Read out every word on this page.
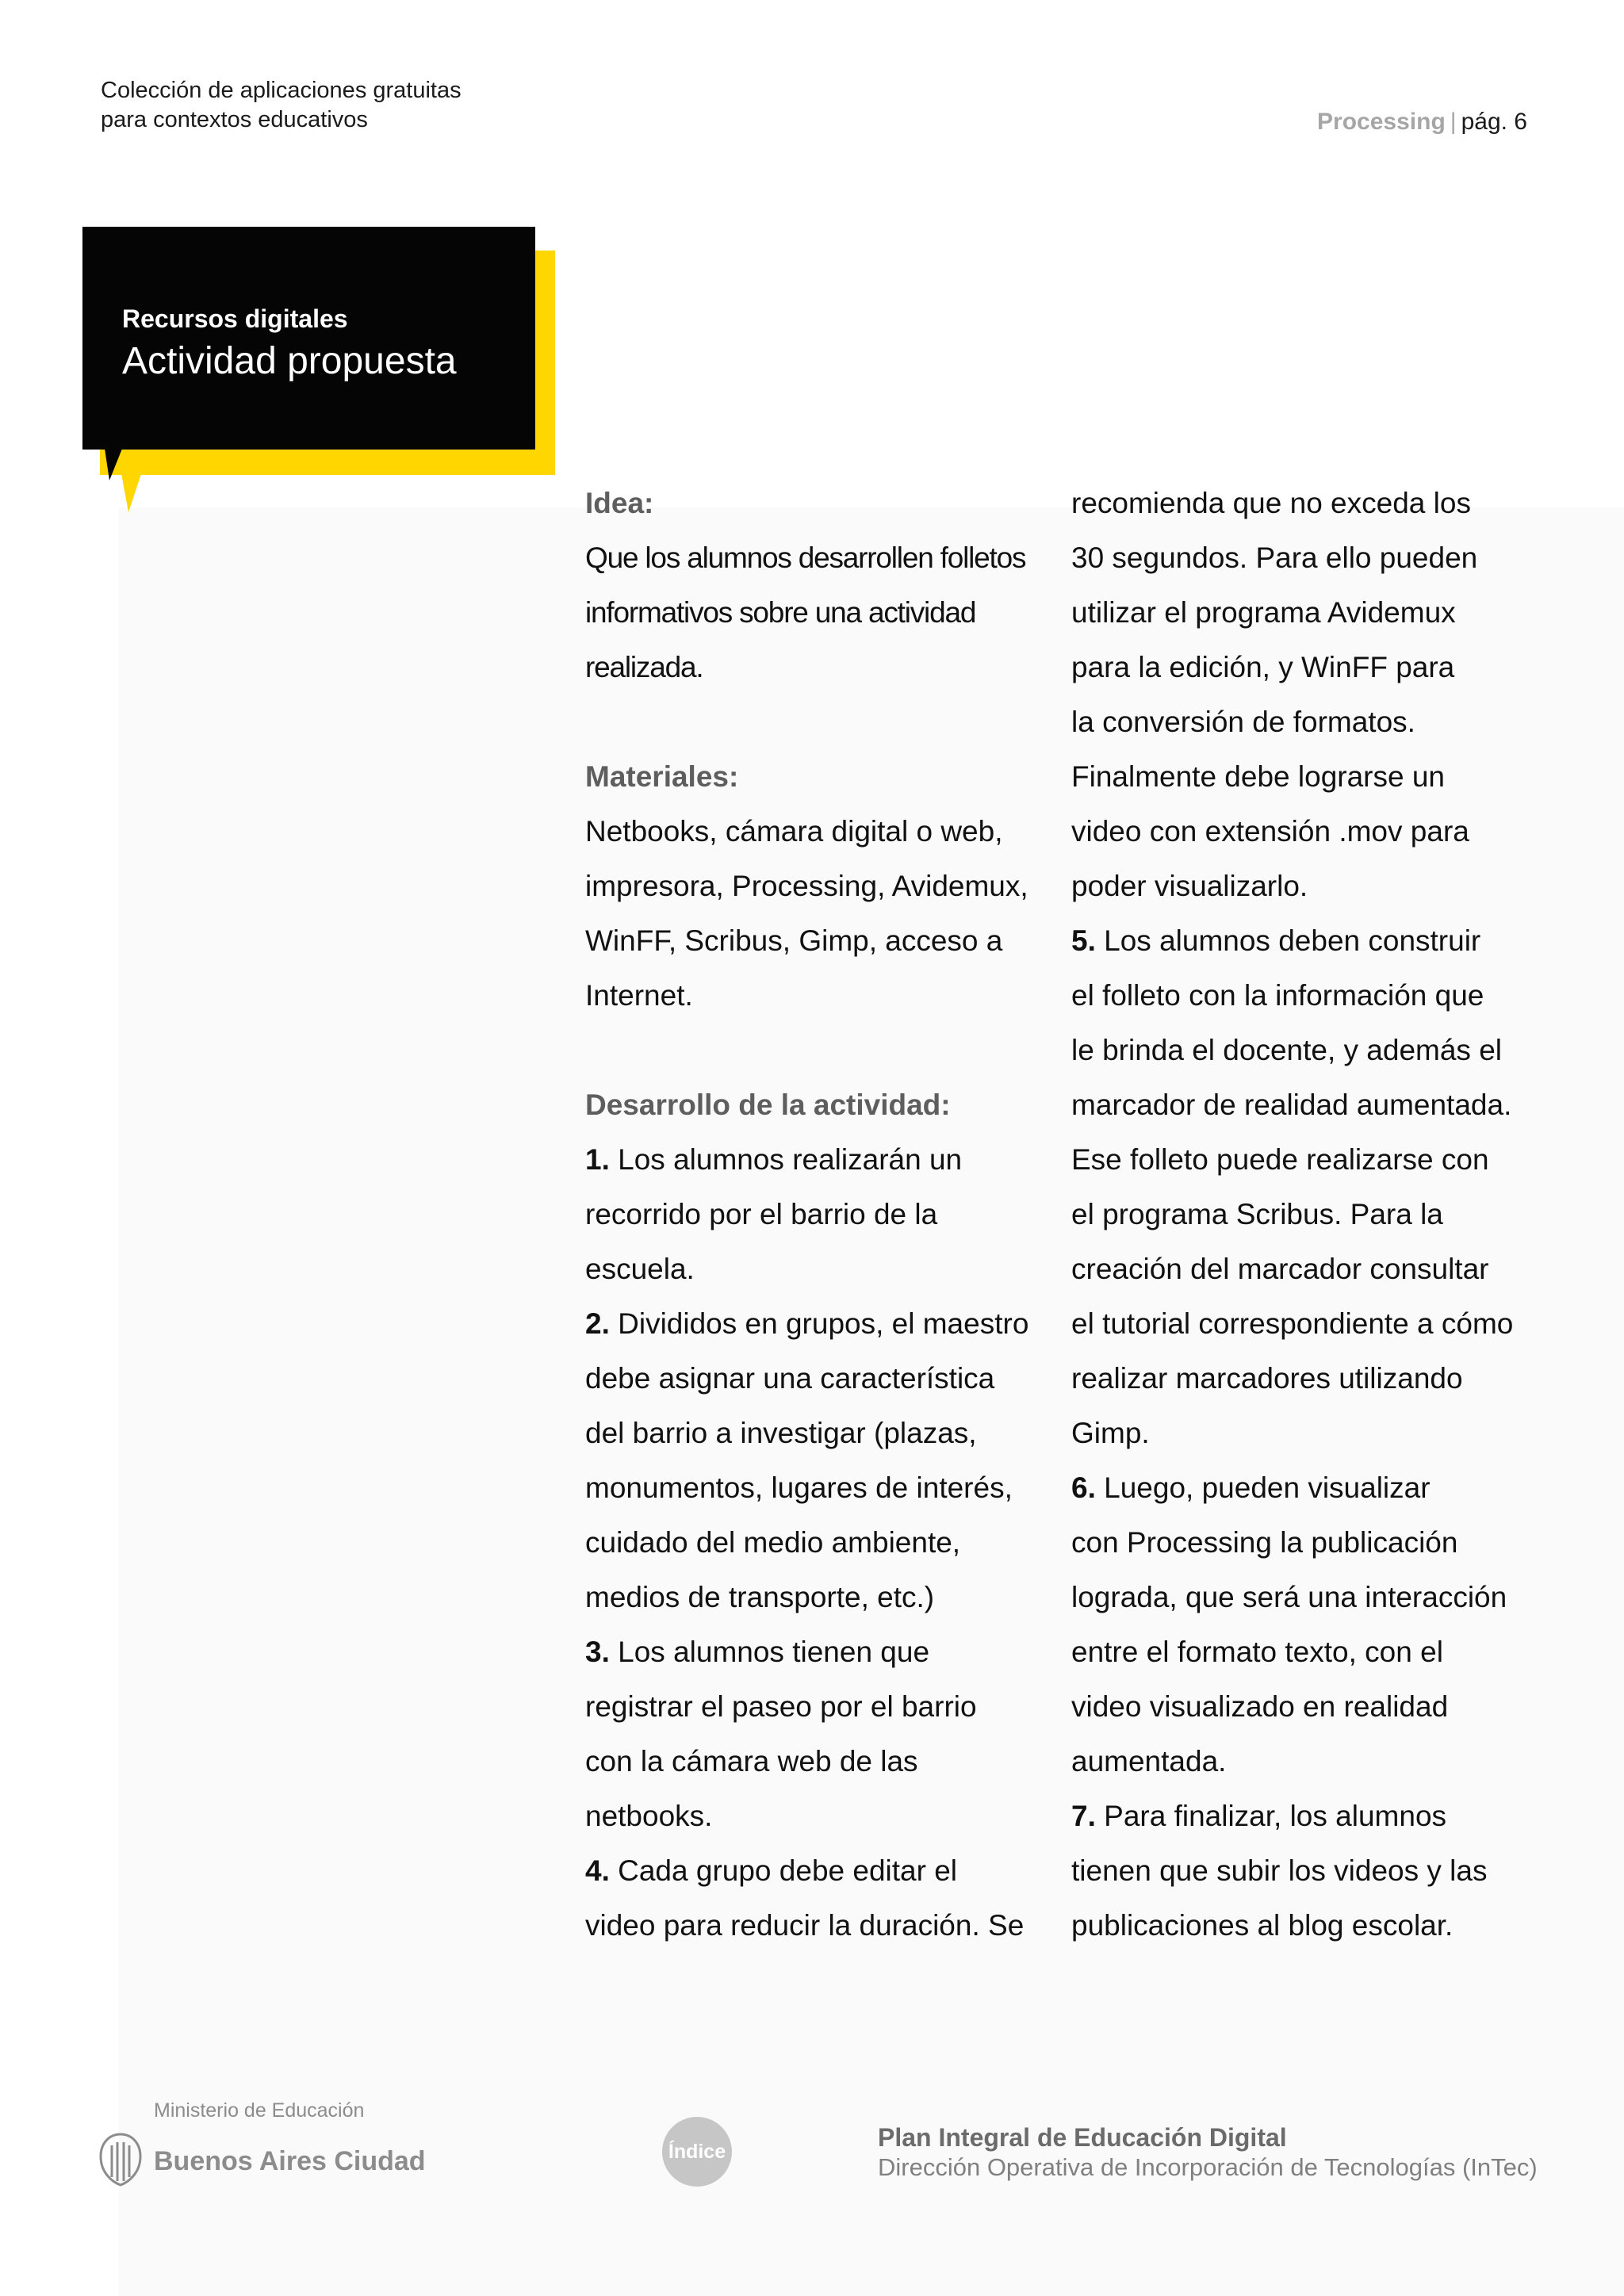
Colección de aplicaciones gratuitas
para contextos educativos	Processing | pág. 6
Recursos digitales
Actividad propuesta
Idea:
Que los alumnos desarrollen folletos
informativos sobre una actividad
realizada.
Materiales:
Netbooks, cámara digital o web,
impresora, Processing, Avidemux,
WinFF, Scribus, Gimp, acceso a
Internet.
Desarrollo de la actividad:
1. Los alumnos realizarán un
recorrido por el barrio de la
escuela.
2. Divididos en grupos, el maestro
debe asignar una característica
del barrio a investigar (plazas,
monumentos, lugares de interés,
cuidado del medio ambiente,
medios de transporte, etc.)
3. Los alumnos tienen que
registrar el paseo por el barrio
con la cámara web de las
netbooks.
4. Cada grupo debe editar el
video para reducir la duración. Se
recomienda que no exceda los
30 segundos. Para ello pueden
utilizar el programa Avidemux
para la edición, y WinFF para
la conversión de formatos.
Finalmente debe lograrse un
video con extensión .mov para
poder visualizarlo.
5. Los alumnos deben construir
el folleto con la información que
le brinda el docente, y además el
marcador de realidad aumentada.
Ese folleto puede realizarse con
el programa Scribus. Para la
creación del marcador consultar
el tutorial correspondiente a cómo
realizar marcadores utilizando
Gimp.
6. Luego, pueden visualizar
con Processing la publicación
lograda, que será una interacción
entre el formato texto, con el
video visualizado en realidad
aumentada.
7. Para finalizar, los alumnos
tienen que subir los videos y las
publicaciones al blog escolar.
Ministerio de Educación
Buenos Aires Ciudad	Índice	Plan Integral de Educación Digital
Dirección Operativa de Incorporación de Tecnologías (InTec)
